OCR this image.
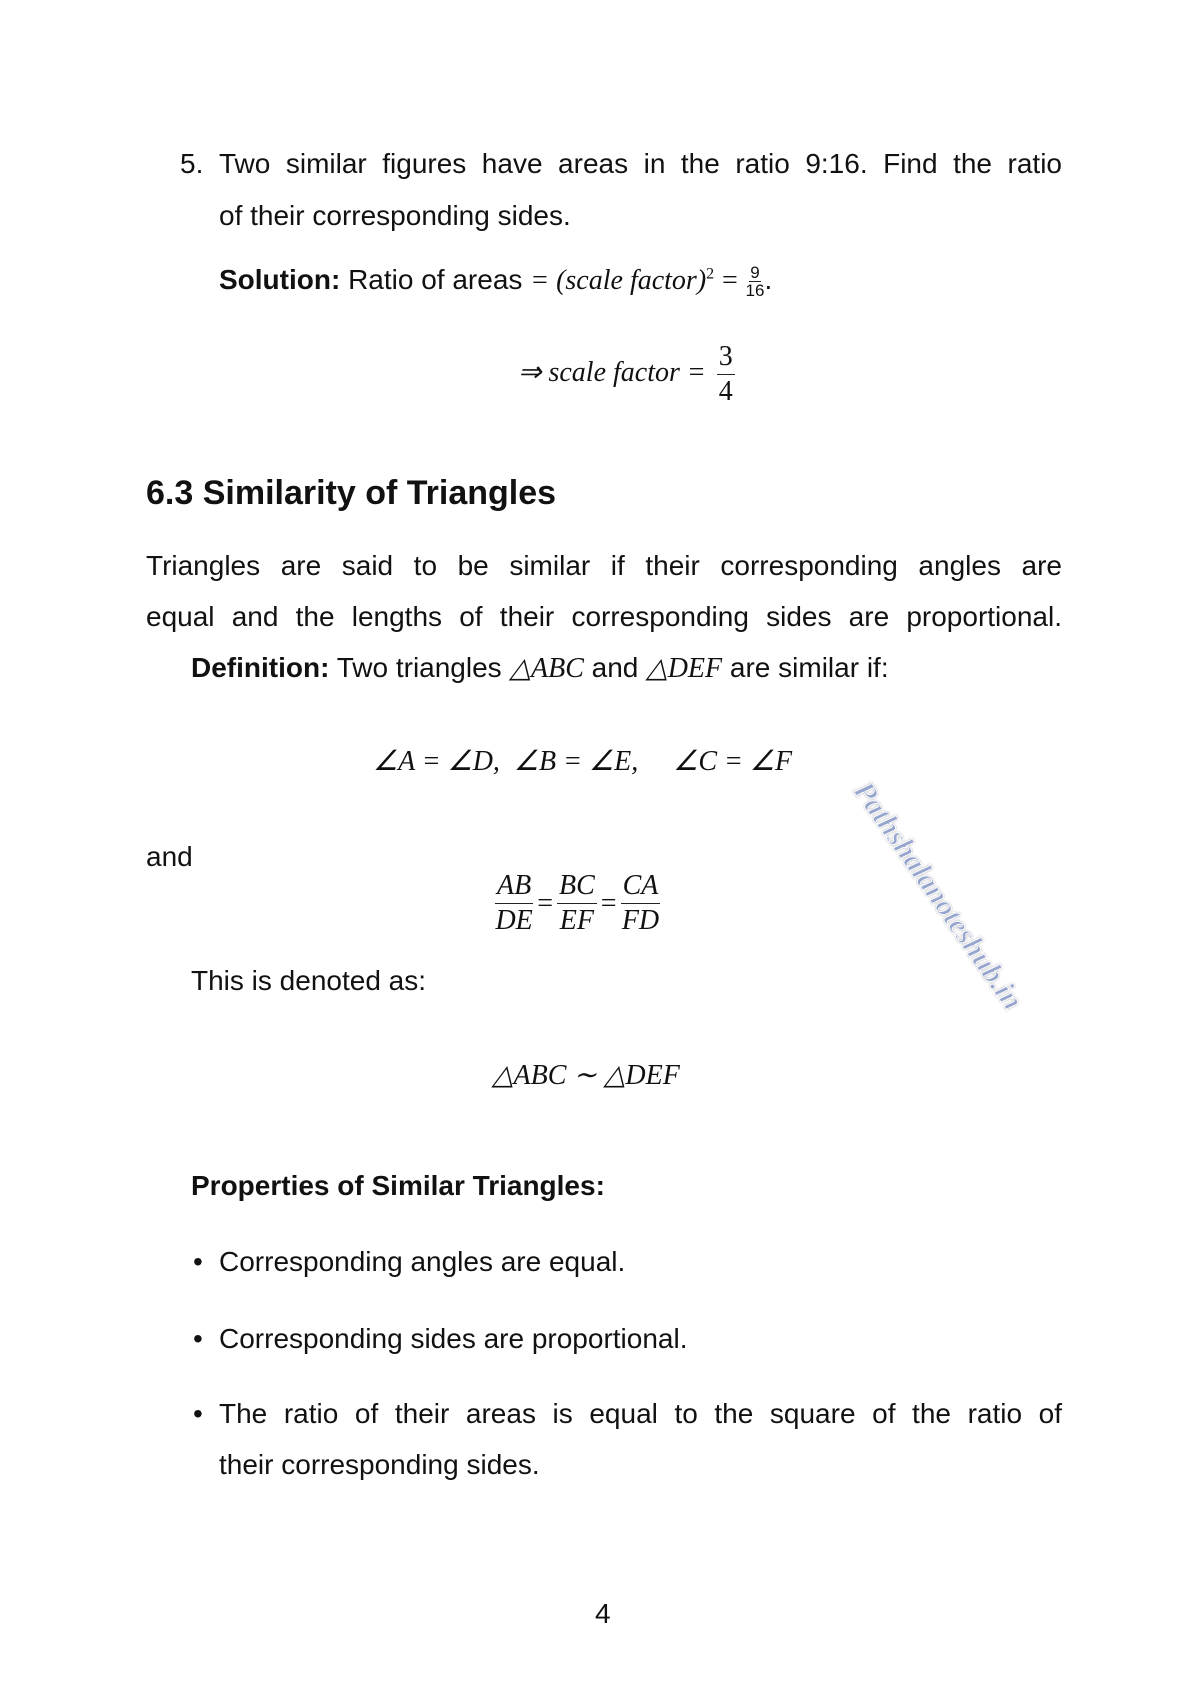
5. Two similar figures have areas in the ratio 9:16. Find the ratio
of their corresponding sides.
Solution: Ratio of areas = (scale factor)$^2$ = $\frac{9}{16}$ .
⇒ scale factor = $\frac{3}{4}$
6.3 Similarity of Triangles
Triangles are said to be similar if their corresponding angles are
equal and the lengths of their corresponding sides are proportional.
Definition: Two triangles △ABC and △DEF are similar if:
∠A = ∠D,  ∠B = ∠E,     ∠C = ∠F
and
$\frac{AB}{DE} = \frac{BC}{EF} = \frac{CA}{FD}$
This is denoted as:
△ABC ∼ △DEF
Properties of Similar Triangles:
• Corresponding angles are equal.
• Corresponding sides are proportional.
• The ratio of their areas is equal to the square of the ratio of
their corresponding sides.
4
Pathshalanoteshub.in
